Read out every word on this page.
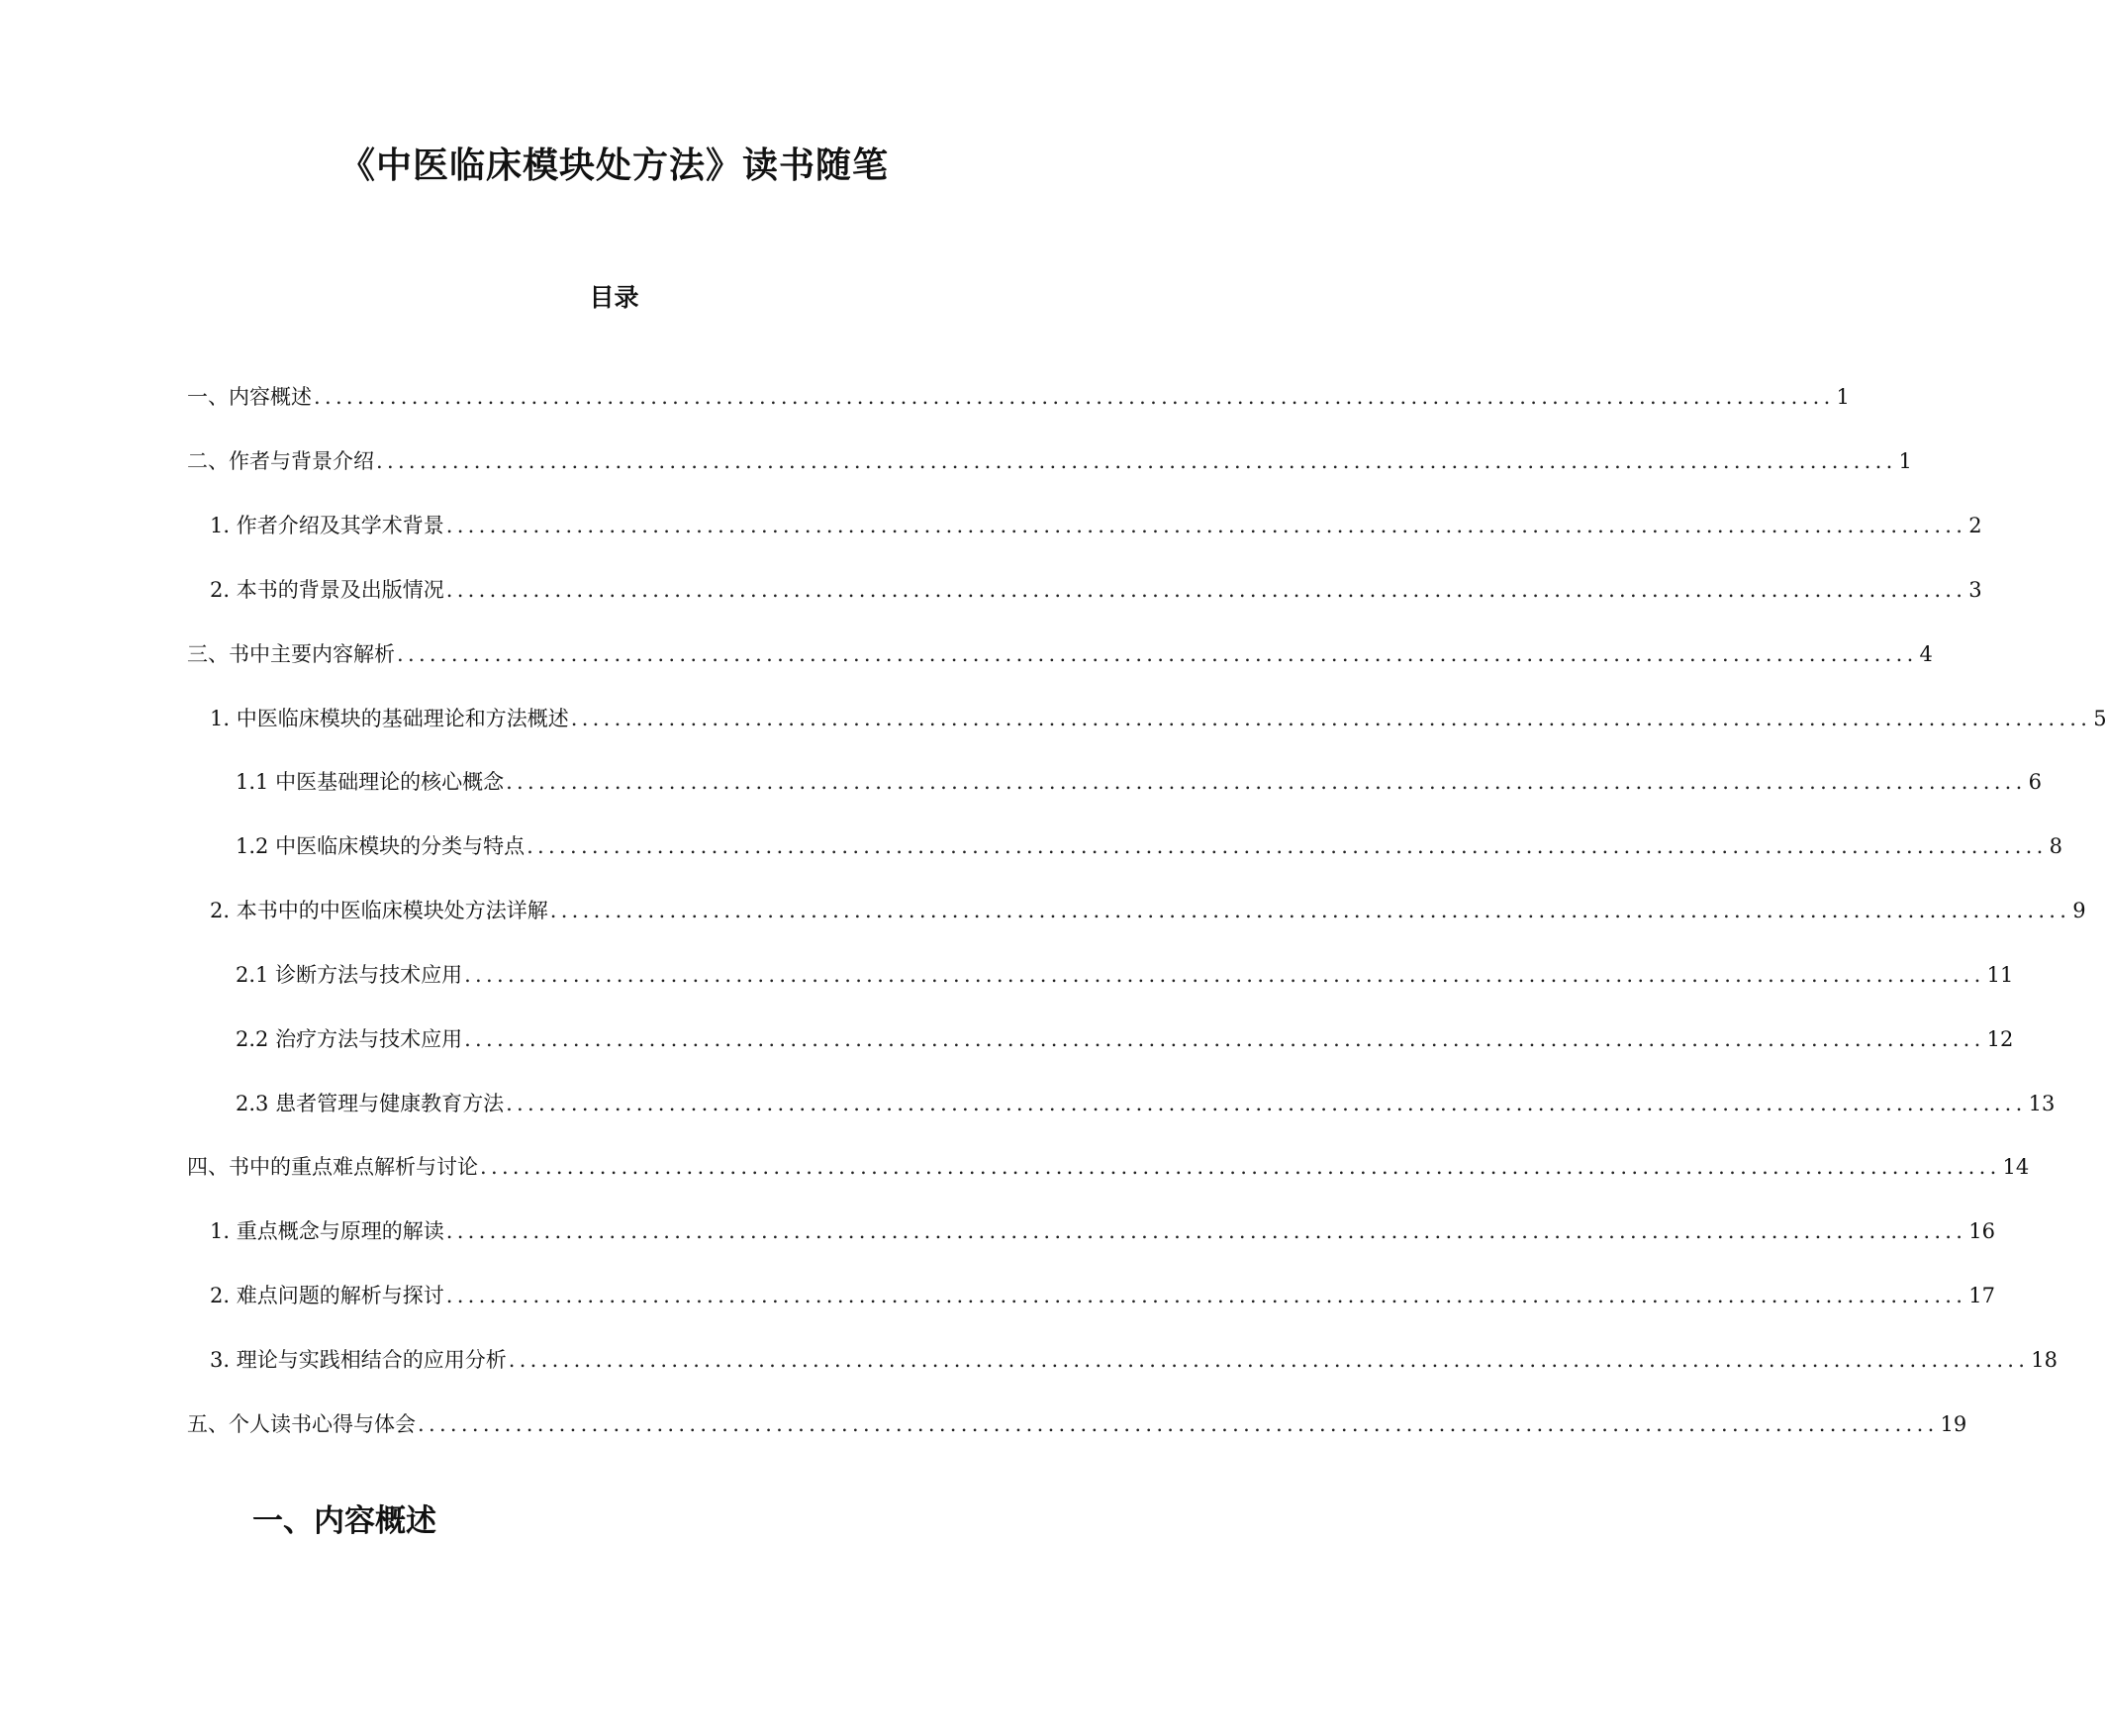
《中医临床模块处方法》读书随笔
目录
一、内容概述 ............................................................................................................................................ 1
二、作者与背景介绍 ............................................................................................................................................ 1
1. 作者介绍及其学术背景 ............................................................................................................................................ 2
2. 本书的背景及出版情况 ............................................................................................................................................ 3
三、书中主要内容解析 ............................................................................................................................................ 4
1. 中医临床模块的基础理论和方法概述 ............................................................................................................................................ 5
1.1 中医基础理论的核心概念 ............................................................................................................................................ 6
1.2 中医临床模块的分类与特点 ............................................................................................................................................ 8
2. 本书中的中医临床模块处方法详解 ............................................................................................................................................ 9
2.1 诊断方法与技术应用 ............................................................................................................................................ 11
2.2 治疗方法与技术应用 ............................................................................................................................................ 12
2.3 患者管理与健康教育方法 ............................................................................................................................................ 13
四、书中的重点难点解析与讨论 ............................................................................................................................................ 14
1. 重点概念与原理的解读 ............................................................................................................................................ 16
2. 难点问题的解析与探讨 ............................................................................................................................................ 17
3. 理论与实践相结合的应用分析 ............................................................................................................................................ 18
五、个人读书心得与体会 ............................................................................................................................................ 19
一、内容概述
